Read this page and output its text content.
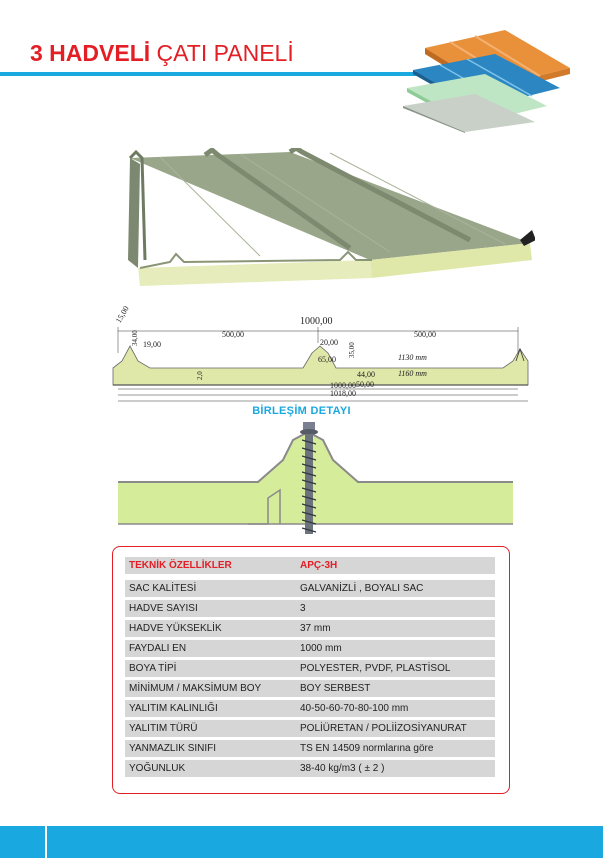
3 HADVELİ ÇATI PANELİ
15,00	1000,00
500,00	500,00
19,00	20,00
34,00
35,00
65,00	1130 mm
1160 mm
44,00
1000,00 50,00
1018,00
2,0
BİRLEŞİM DETAYI
TEKNİK ÖZELLİKLER	APÇ-3H
SAC KALİTESİ	GALVANİZLİ , BOYALI SAC
HADVE SAYISI	3
HADVE YÜKSEKLİK	37 mm
FAYDALI EN	1000 mm
BOYA TİPİ	POLYESTER, PVDF, PLASTİSOL
MİNİMUM / MAKSİMUM BOY	BOY SERBEST
YALITIM KALINLIĞI	40-50-60-70-80-100 mm
YALITIM TÜRÜ	POLİÜRETAN / POLİİZOSİYANURAT
YANMAZLIK SINIFI	TS EN 14509 normlarına göre
YOĞUNLUK	38-40 kg/m3 ( ± 2 )
